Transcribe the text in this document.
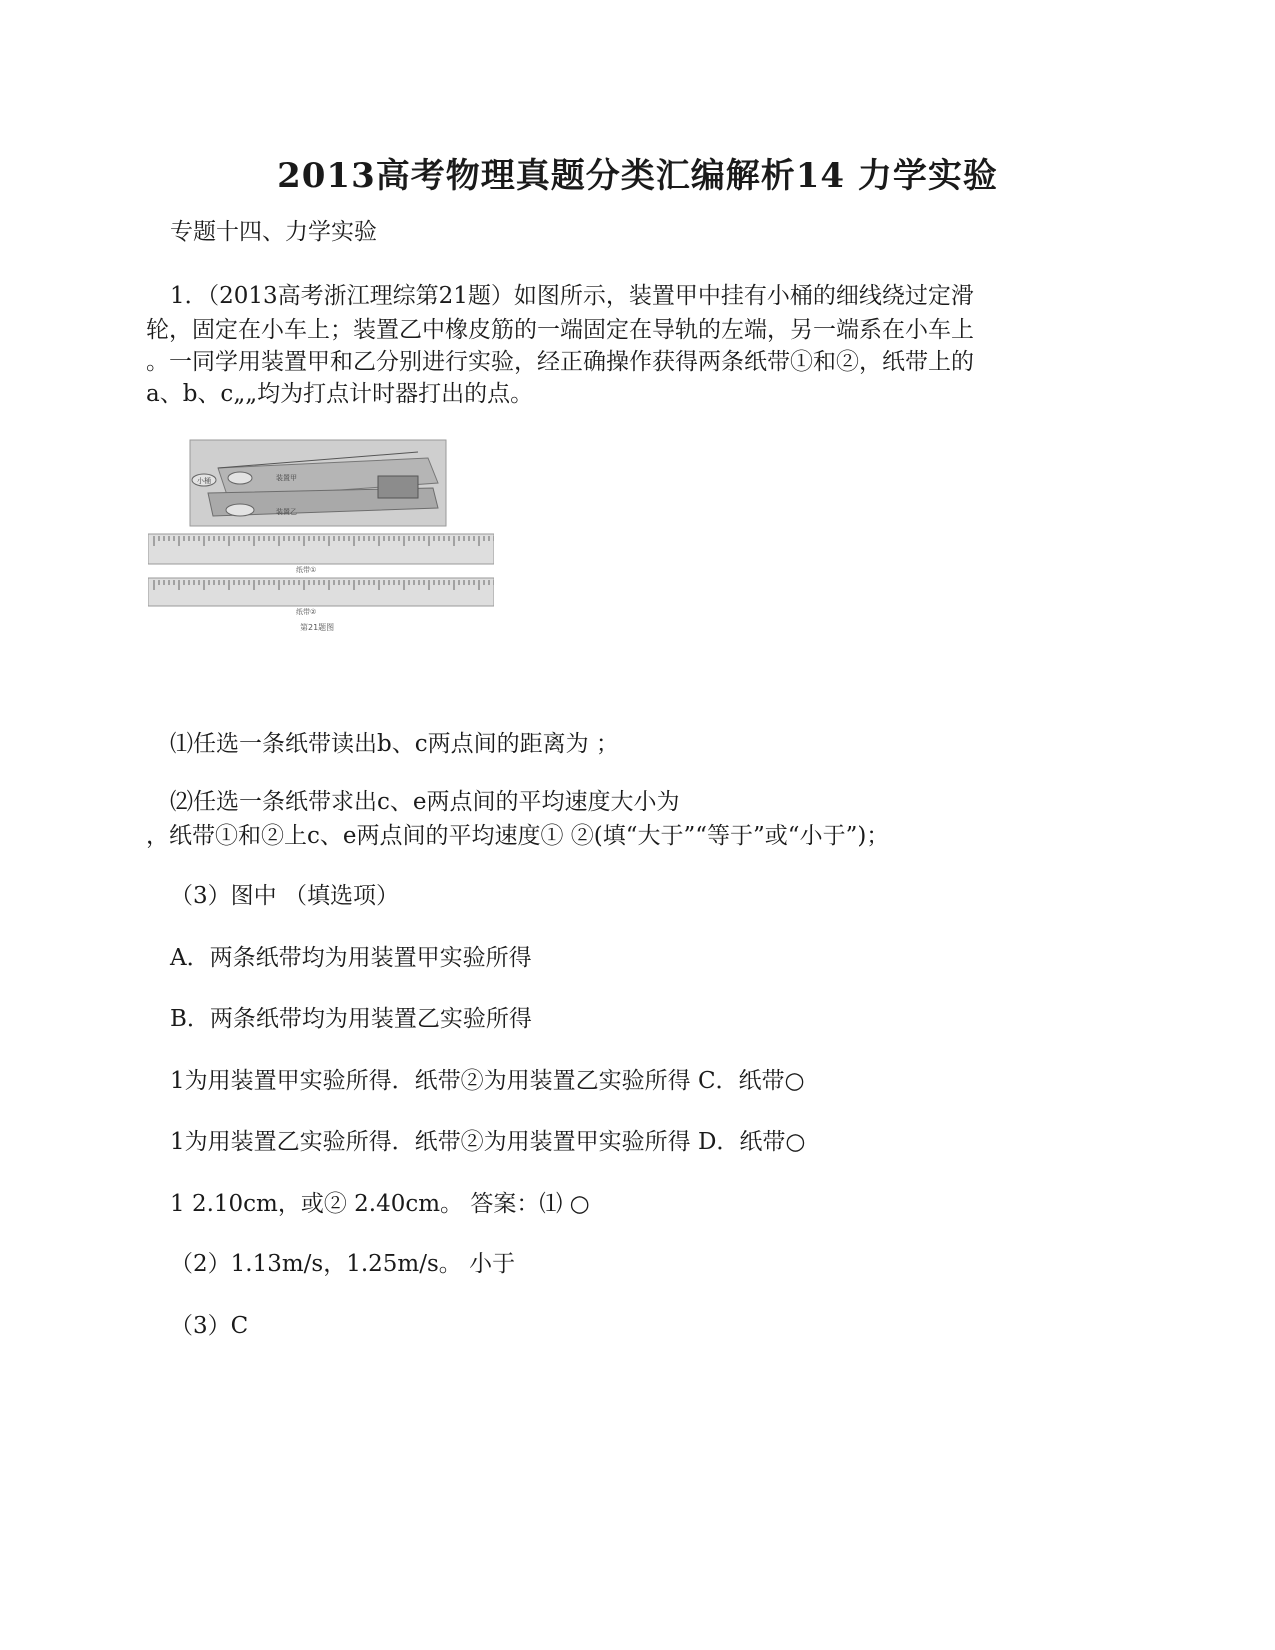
2013高考物理真题分类汇编解析14 力学实验
专题十四、力学实验
1．（2013高考浙江理综第21题）如图所示，装置甲中挂有小桶的细线绕过定滑
轮，固定在小车上；装置乙中橡皮筋的一端固定在导轨的左端，另一端系在小车上
。一同学用装置甲和乙分别进行实验，经正确操作获得两条纸带①和②，纸带上的
a、b、c„„均为打点计时器打出的点。
小桶	装置甲
装置乙
纸带①
纸带②
第21题图
⑴任选一条纸带读出b、c两点间的距离为 ；
⑵任选一条纸带求出c、e两点间的平均速度大小为
，纸带①和②上c、e两点间的平均速度① ②(填“大于”“等于”或“小于”)；
（3）图中 （填选项）
A．两条纸带均为用装置甲实验所得
B．两条纸带均为用装置乙实验所得
1为用装置甲实验所得．纸带②为用装置乙实验所得 C．纸带○
1为用装置乙实验所得．纸带②为用装置甲实验所得 D．纸带○
1 2.10cm，或② 2.40cm。 答案：⑴ ○
（2）1.13m/s，1.25m/s。 小于
（3）C
